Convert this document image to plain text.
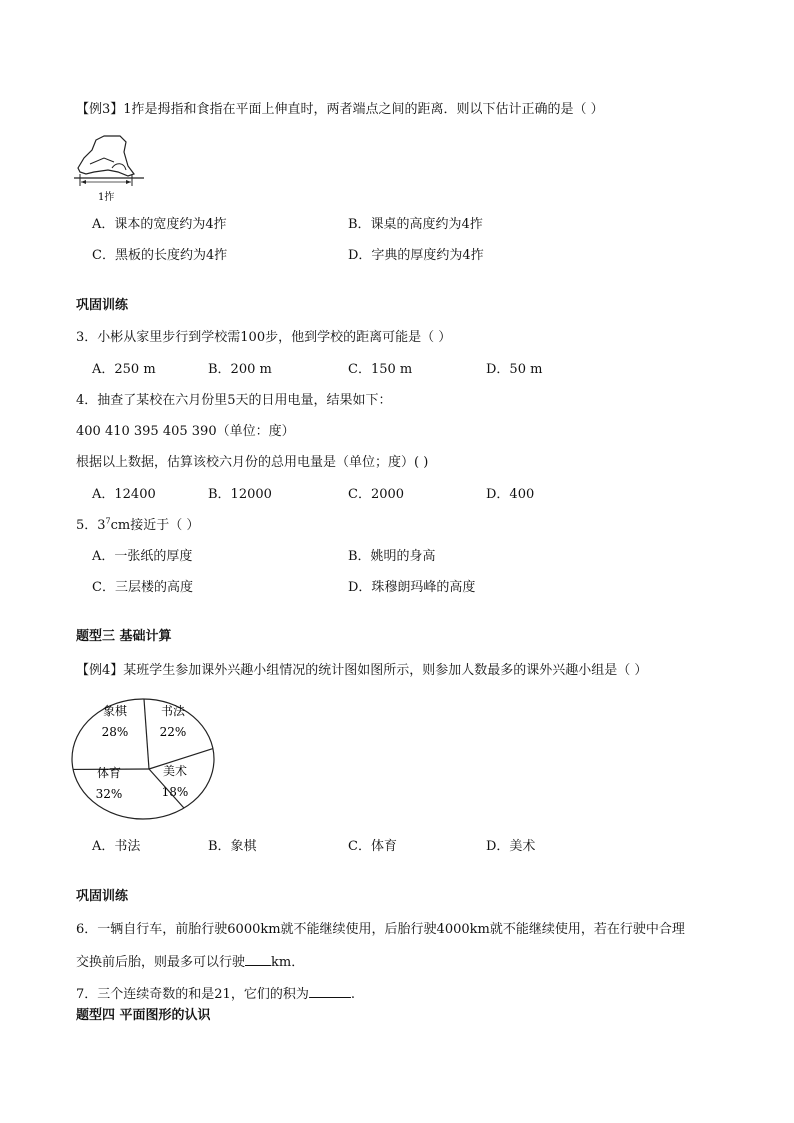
【例3】1拃是拇指和食指在平面上伸直时，两者端点之间的距离．则以下估计正确的是（ ）
1拃
A．课本的宽度约为4拃	B．课桌的高度约为4拃
C．黑板的长度约为4拃	D．字典的厚度约为4拃
巩固训练
3．小彬从家里步行到学校需100步，他到学校的距离可能是（ ）
A．250 m	B．200 m	C．150 m	D．50 m
4．抽查了某校在六月份里5天的日用电量，结果如下：
400 410 395 405 390（单位：度）
根据以上数据，估算该校六月份的总用电量是（单位；度）( )
A．12400	B．12000	C．2000	D．400
5．$3^7cm$接近于（ ）
A．一张纸的厚度	B．姚明的身高
C．三层楼的高度	D．珠穆朗玛峰的高度
题型三 基础计算
【例4】某班学生参加课外兴趣小组情况的统计图如图所示，则参加人数最多的课外兴趣小组是（ ）
象棋
28%
书法
22%
美术
18%
体育
32%
A．书法	B．象棋	C．体育	D．美术
巩固训练
6．一辆自行车，前胎行驶6000km就不能继续使用，后胎行驶4000km就不能继续使用，若在行驶中合理
交换前后胎，则最多可以行驶 km．
7．三个连续奇数的和是21，它们的积为	.
题型四 平面图形的认识
